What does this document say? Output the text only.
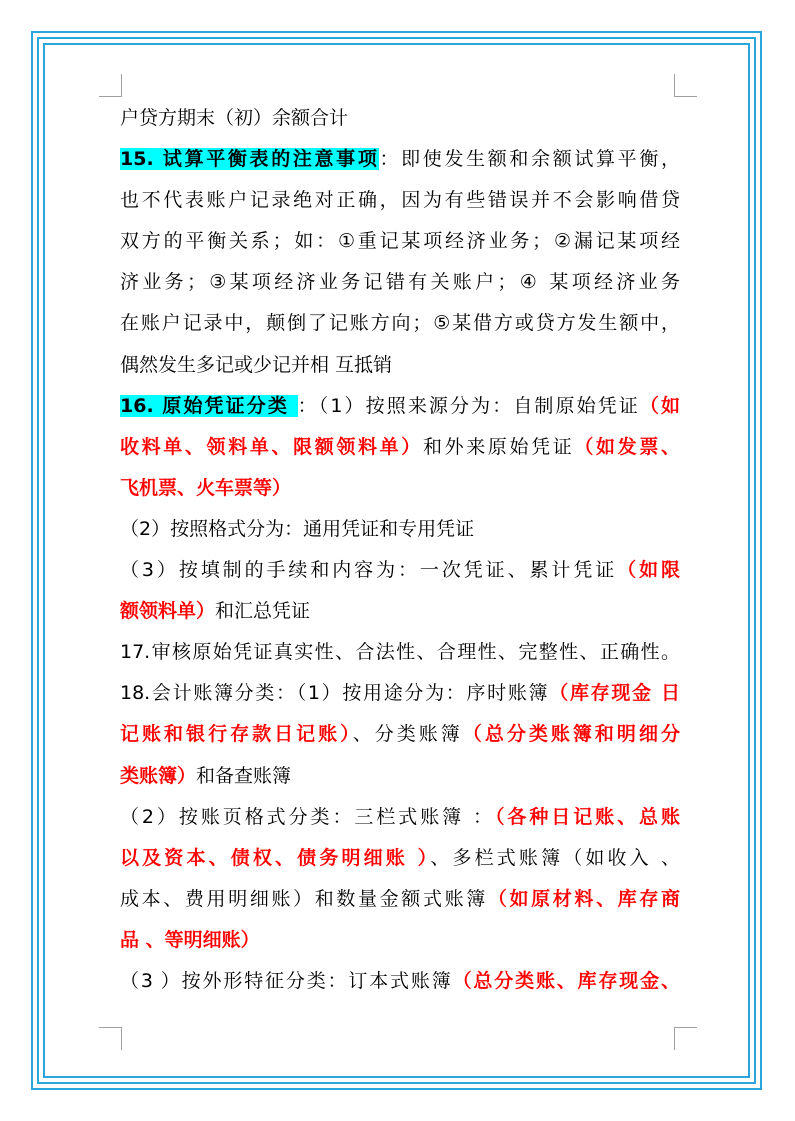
户贷方期末（初）余额合计
15. 试算平衡表的注意事项：即使发生额和余额试算平衡，
也不代表账户记录绝对正确，因为有些错误并不会影响借贷
双方的平衡关系；如：①重记某项经济业务；②漏记某项经
济业务；③某项经济业务记错有关账户；④ 某项经济业务
在账户记录中，颠倒了记账方向；⑤某借方或贷方发生额中，
偶然发生多记或少记并相 互抵销
16. 原始凭证分类 ：（1）按照来源分为：自制原始凭证（如
收料单、领料单、限额领料单）和外来原始凭证（如发票、
飞机票、火车票等）
（2）按照格式分为：通用凭证和专用凭证
（3）按填制的手续和内容为：一次凭证、累计凭证（如限
额领料单）和汇总凭证
17.审核原始凭证真实性、合法性、合理性、完整性、正确性。
18.会计账簿分类：（1）按用途分为：序时账簿（库存现金 日
记账和银行存款日记账）、分类账簿（总分类账簿和明细分
类账簿）和备查账簿
（2）按账页格式分类：三栏式账簿 ：（各种日记账、总账
以及资本、债权、债务明细账 ）、多栏式账簿（如收入 、
成本、费用明细账）和数量金额式账簿（如原材料、库存商
品 、等明细账）
（3 ）按外形特征分类：订本式账簿（总分类账、库存现金、
